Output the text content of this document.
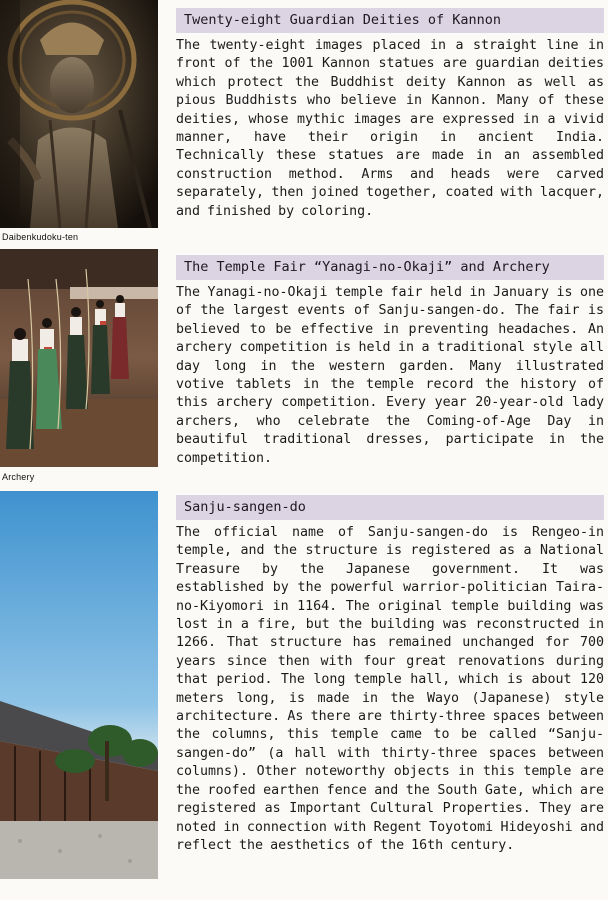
Daibenkudoku-ten
Archery
Twenty-eight Guardian Deities of Kannon
The twenty-eight images placed in a straight line in front of the 1001 Kannon statues are guardian deities which protect the Buddhist deity Kannon as well as pious Buddhists who believe in Kannon. Many of these deities, whose mythic images are expressed in a vivid manner, have their origin in ancient India. Technically these statues are made in an assembled construction method. Arms and heads were carved separately, then joined together, coated with lacquer, and finished by coloring.
The Temple Fair “Yanagi-no-Okaji” and Archery
The Yanagi-no-Okaji temple fair held in January is one of the largest events of Sanju-sangen-do. The fair is believed to be effective in preventing headaches. An archery competition is held in a traditional style all day long in the western garden. Many illustrated votive tablets in the temple record the history of this archery competition. Every year 20-year-old lady archers, who celebrate the Coming-of-Age Day in beautiful traditional dresses, participate in the competition.
Sanju-sangen-do
The official name of Sanju-sangen-do is Rengeo-in temple, and the structure is registered as a National Treasure by the Japanese government. It was established by the powerful warrior-politician Taira-no-Kiyomori in 1164. The original temple building was lost in a fire, but the building was reconstructed in 1266. That structure has remained unchanged for 700 years since then with four great renovations during that period. The long temple hall, which is about 120 meters long, is made in the Wayo (Japanese) style architecture. As there are thirty-three spaces between the columns, this temple came to be called “Sanju-sangen-do” (a hall with thirty-three spaces between columns). Other noteworthy objects in this temple are the roofed earthen fence and the South Gate, which are registered as Important Cultural Properties. They are noted in connection with Regent Toyotomi Hideyoshi and reflect the aesthetics of the 16th century.
